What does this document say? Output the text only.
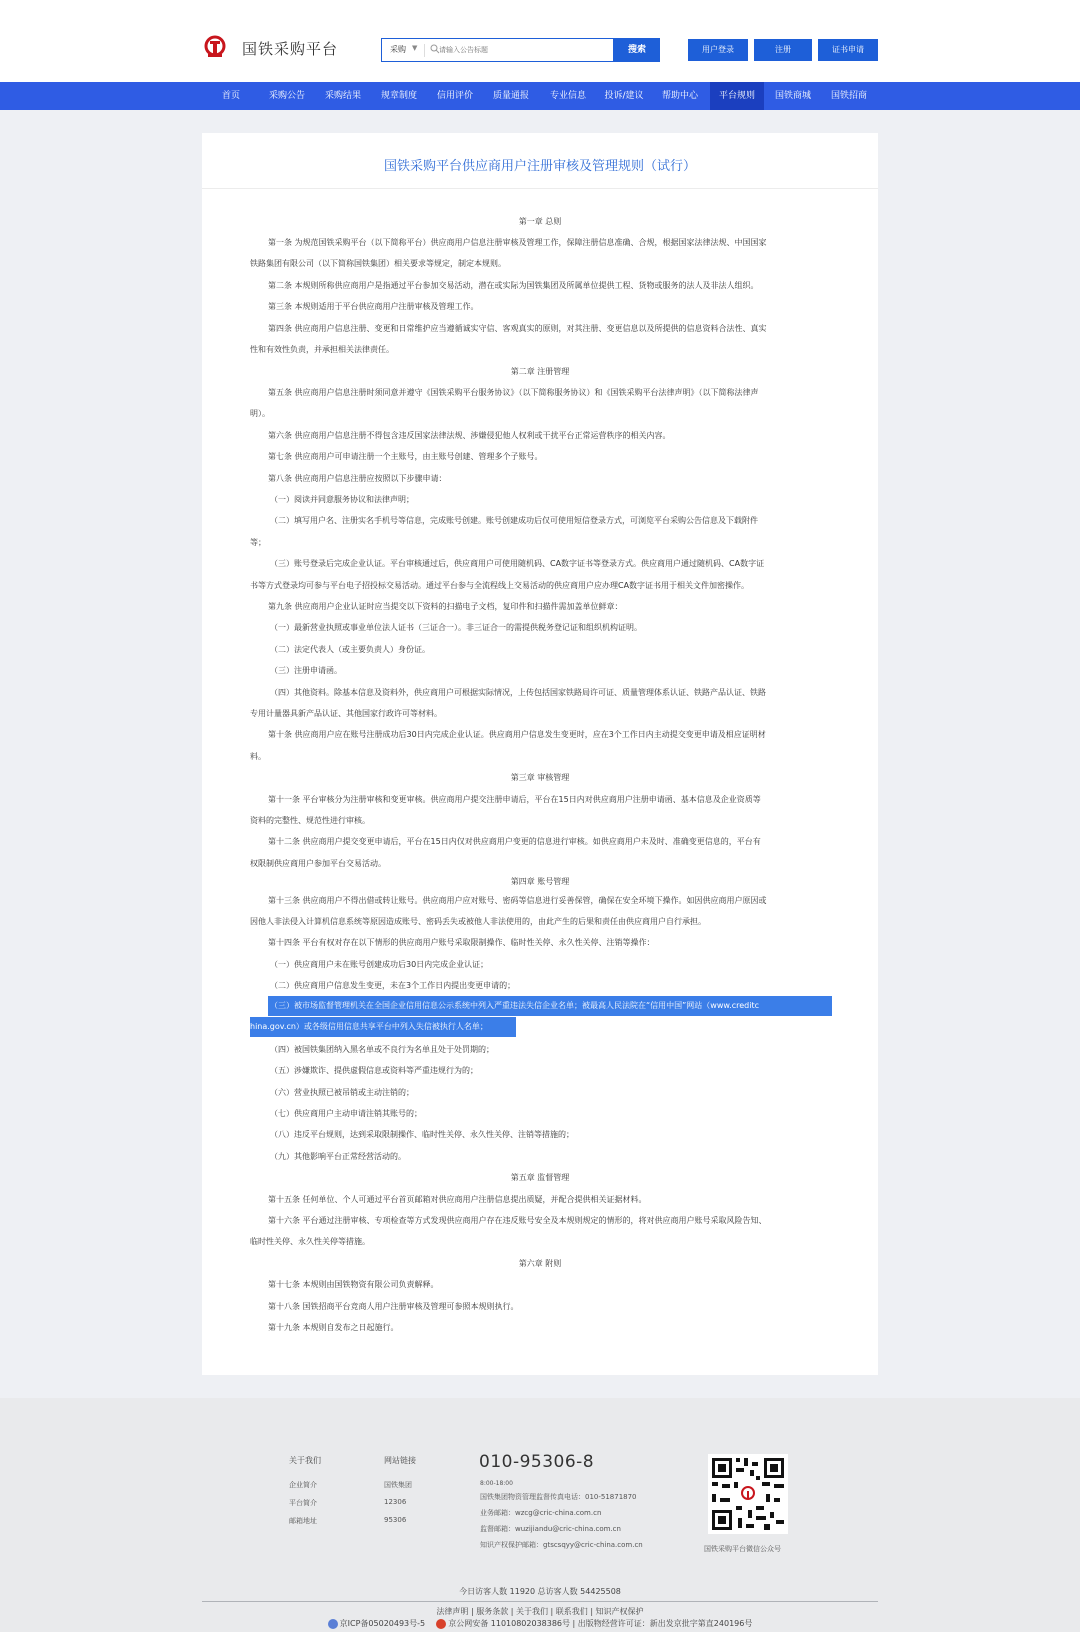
国铁采购平台	采购 ▼
请输入公告标题	搜索	用户登录	注册	证书申请
首页	采购公告	采购结果	规章制度	信用评价	质量通报	专业信息	投诉/建议	帮助中心	平台规则	国铁商城	国铁招商
国铁采购平台供应商用户注册审核及管理规则（试行）
第一章 总则
第一条 为规范国铁采购平台（以下简称平台）供应商用户信息注册审核及管理工作，保障注册信息准确、合规，根据国家法律法规、中国国家
铁路集团有限公司（以下简称国铁集团）相关要求等规定，制定本规则。
第二条 本规则所称供应商用户是指通过平台参加交易活动，潜在或实际为国铁集团及所属单位提供工程、货物或服务的法人及非法人组织。
第三条 本规则适用于平台供应商用户注册审核及管理工作。
第四条 供应商用户信息注册、变更和日常维护应当遵循诚实守信、客观真实的原则，对其注册、变更信息以及所提供的信息资料合法性、真实
性和有效性负责，并承担相关法律责任。
第二章 注册管理
第五条 供应商用户信息注册时须同意并遵守《国铁采购平台服务协议》（以下简称服务协议）和《国铁采购平台法律声明》（以下简称法律声
明）。
第六条 供应商用户信息注册不得包含违反国家法律法规、涉嫌侵犯他人权利或干扰平台正常运营秩序的相关内容。
第七条 供应商用户可申请注册一个主账号，由主账号创建、管理多个子账号。
第八条 供应商用户信息注册应按照以下步骤申请：
（一）阅读并同意服务协议和法律声明；
（二）填写用户名、注册实名手机号等信息，完成账号创建。账号创建成功后仅可使用短信登录方式，可浏览平台采购公告信息及下载附件
等；
（三）账号登录后完成企业认证。平台审核通过后，供应商用户可使用随机码、CA数字证书等登录方式。供应商用户通过随机码、CA数字证
书等方式登录均可参与平台电子招投标交易活动。通过平台参与全流程线上交易活动的供应商用户应办理CA数字证书用于相关文件加密操作。
第九条 供应商用户企业认证时应当提交以下资料的扫描电子文档，复印件和扫描件需加盖单位鲜章：
（一）最新营业执照或事业单位法人证书（三证合一）。非三证合一的需提供税务登记证和组织机构证明。
（二）法定代表人（或主要负责人）身份证。
（三）注册申请函。
（四）其他资料。除基本信息及资料外，供应商用户可根据实际情况，上传包括国家铁路局许可证、质量管理体系认证、铁路产品认证、铁路
专用计量器具新产品认证、其他国家行政许可等材料。
第十条 供应商用户应在账号注册成功后30日内完成企业认证。供应商用户信息发生变更时，应在3个工作日内主动提交变更申请及相应证明材
料。
第三章 审核管理
第十一条 平台审核分为注册审核和变更审核。供应商用户提交注册申请后，平台在15日内对供应商用户注册申请函、基本信息及企业资质等
资料的完整性、规范性进行审核。
第十二条 供应商用户提交变更申请后，平台在15日内仅对供应商用户变更的信息进行审核。如供应商用户未及时、准确变更信息的，平台有
权限制供应商用户参加平台交易活动。
第四章 账号管理
第十三条 供应商用户不得出借或转让账号。供应商用户应对账号、密码等信息进行妥善保管，确保在安全环境下操作。如因供应商用户原因或
因他人非法侵入计算机信息系统等原因造成账号、密码丢失或被他人非法使用的，由此产生的后果和责任由供应商用户自行承担。
第十四条 平台有权对存在以下情形的供应商用户账号采取限制操作、临时性关停、永久性关停、注销等操作：
（一）供应商用户未在账号创建成功后30日内完成企业认证；
（二）供应商用户信息发生变更，未在3个工作日内提出变更申请的；
（三）被市场监督管理机关在全国企业信用信息公示系统中列入严重违法失信企业名单；被最高人民法院在“信用中国”网站（www.creditc
hina.gov.cn）或各级信用信息共享平台中列入失信被执行人名单；
（四）被国铁集团纳入黑名单或不良行为名单且处于处罚期的；
（五）涉嫌欺诈、提供虚假信息或资料等严重违规行为的；
（六）营业执照已被吊销或主动注销的；
（七）供应商用户主动申请注销其账号的；
（八）违反平台规则，达到采取限制操作、临时性关停、永久性关停、注销等措施的；
（九）其他影响平台正常经营活动的。
第五章 监督管理
第十五条 任何单位、个人可通过平台首页邮箱对供应商用户注册信息提出质疑，并配合提供相关证据材料。
第十六条 平台通过注册审核、专项检查等方式发现供应商用户存在违反账号安全及本规则规定的情形的，将对供应商用户账号采取风险告知、
临时性关停、永久性关停等措施。
第六章 附则
第十七条 本规则由国铁物资有限公司负责解释。
第十八条 国铁招商平台竞商人用户注册审核及管理可参照本规则执行。
第十九条 本规则自发布之日起施行。
关于我们
企业简介
平台简介
邮箱地址
网站链接
国铁集团
12306
95306
010-95306-8
8:00-18:00
国铁集团物资管理监督传真电话：010-51871870
业务邮箱：wzcg@cric-china.com.cn
监督邮箱：wuzijiandu@cric-china.com.cn
知识产权保护邮箱：gtscsqyy@cric-china.com.cn	国铁采购平台微信公众号
今日访客人数 11920 总访客人数 54425508
法律声明 | 服务条款 | 关于我们 | 联系我们 | 知识产权保护
京ICP备05020493号-5	京公网安备 11010802038386号 | 出版物经营许可证：新出发京批字第直240196号
